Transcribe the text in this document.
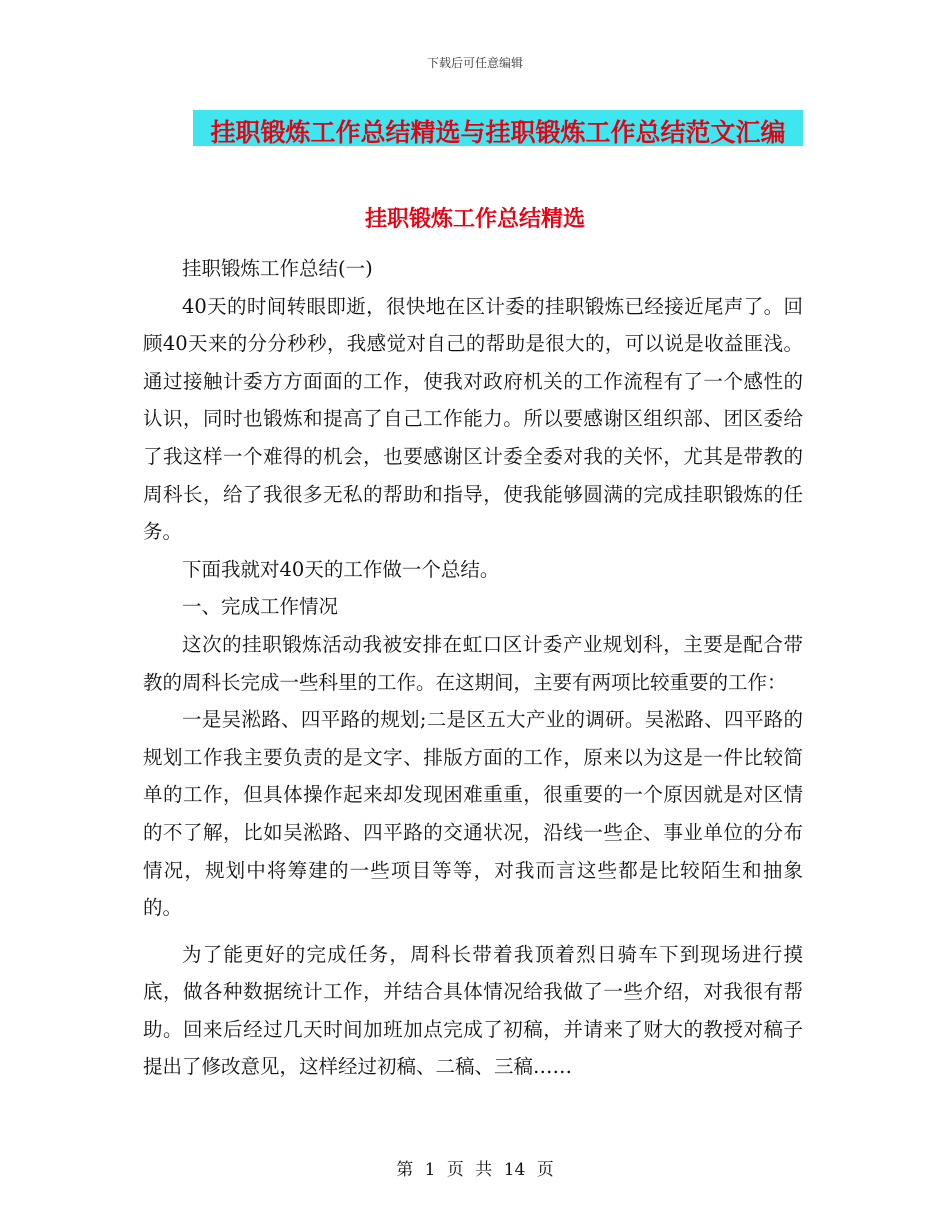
下载后可任意编辑
挂职锻炼工作总结精选与挂职锻炼工作总结范文汇编
挂职锻炼工作总结精选

挂职锻炼工作总结(一)

40天的时间转眼即逝，很快地在区计委的挂职锻炼已经接近尾声了。回顾40天来的分分秒秒，我感觉对自己的帮助是很大的，可以说是收益匪浅。通过接触计委方方面面的工作，使我对政府机关的工作流程有了一个感性的认识，同时也锻炼和提高了自己工作能力。所以要感谢区组织部、团区委给了我这样一个难得的机会，也要感谢区计委全委对我的关怀，尤其是带教的周科长，给了我很多无私的帮助和指导，使我能够圆满的完成挂职锻炼的任务。

下面我就对40天的工作做一个总结。

一、完成工作情况

这次的挂职锻炼活动我被安排在虹口区计委产业规划科，主要是配合带教的周科长完成一些科里的工作。在这期间，主要有两项比较重要的工作：

一是吴淞路、四平路的规划;二是区五大产业的调研。吴淞路、四平路的规划工作我主要负责的是文字、排版方面的工作，原来以为这是一件比较简单的工作，但具体操作起来却发现困难重重，很重要的一个原因就是对区情的不了解，比如吴淞路、四平路的交通状况，沿线一些企、事业单位的分布情况，规划中将筹建的一些项目等等，对我而言这些都是比较陌生和抽象的。

为了能更好的完成任务，周科长带着我顶着烈日骑车下到现场进行摸底，做各种数据统计工作，并结合具体情况给我做了一些介绍，对我很有帮助。回来后经过几天时间加班加点完成了初稿，并请来了财大的教授对稿子提出了修改意见，这样经过初稿、二稿、三稿……

第 1 页 共 14 页
